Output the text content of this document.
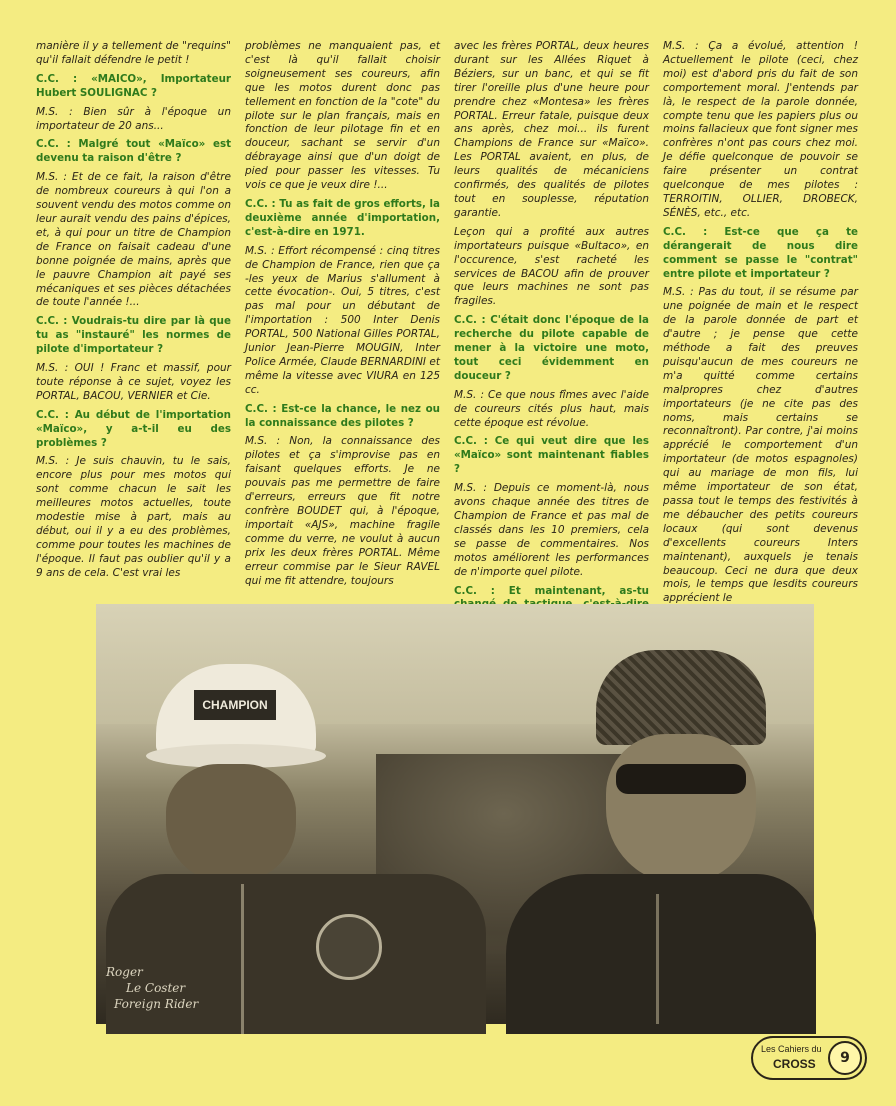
manière il y a tellement de "requins" qu'il fallait défendre le petit !

C.C. : «MAICO», Importateur Hubert SOULIGNAC ?

M.S. : Bien sûr à l'époque un importateur de 20 ans...

C.C. : Malgré tout «Maïco» est devenu ta raison d'être ?

M.S. : Et de ce fait, la raison d'être de nombreux coureurs à qui l'on a souvent vendu des motos comme on leur aurait vendu des pains d'épices, et, à qui pour un titre de Champion de France on faisait cadeau d'une bonne poignée de mains, après que le pauvre Champion ait payé ses mécaniques et ses pièces détachées de toute l'année !...

C.C. : Voudrais-tu dire par là que tu as "instauré" les normes de pilote d'importateur ?

M.S. : OUI ! Franc et massif, pour toute réponse à ce sujet, voyez les PORTAL, BACOU, VERNIER et Cie.

C.C. : Au début de l'importation «Maïco», y a-t-il eu des problèmes ?

M.S. : Je suis chauvin, tu le sais, encore plus pour mes motos qui sont comme chacun le sait les meilleures motos actuelles, toute modestie mise à part, mais au début, oui il y a eu des problèmes, comme pour toutes les machines de l'époque. Il faut pas oublier qu'il y a 9 ans de cela. C'est vrai les

problèmes ne manquaient pas, et c'est là qu'il fallait choisir soigneusement ses coureurs, afin que les motos durent donc pas tellement en fonction de la "cote" du pilote sur le plan français, mais en fonction de leur pilotage fin et en douceur, sachant se servir d'un débrayage ainsi que d'un doigt de pied pour passer les vitesses. Tu vois ce que je veux dire !...

C.C. : Tu as fait de gros efforts, la deuxième année d'importation, c'est-à-dire en 1971.

M.S. : Effort récompensé : cinq titres de Champion de France, rien que ça -les yeux de Marius s'allument à cette évocation-. Oui, 5 titres, c'est pas mal pour un débutant de l'importation : 500 Inter Denis PORTAL, 500 National Gilles PORTAL, Junior Jean-Pierre MOUGIN, Inter Police Armée, Claude BERNARDINI et même la vitesse avec VIURA en 125 cc.

C.C. : Est-ce la chance, le nez ou la connaissance des pilotes ?

M.S. : Non, la connaissance des pilotes et ça s'improvise pas en faisant quelques efforts. Je ne pouvais pas me permettre de faire d'erreurs, erreurs que fit notre confrère BOUDET qui, à l'époque, importait «AJS», machine fragile comme du verre, ne voulut à aucun prix les deux frères PORTAL. Même erreur commise par le Sieur RAVEL qui me fit attendre, toujours

avec les frères PORTAL, deux heures durant sur les Allées Riquet à Béziers, sur un banc, et qui se fit tirer l'oreille plus d'une heure pour prendre chez «Montesa» les frères PORTAL. Erreur fatale, puisque deux ans après, chez moi... ils furent Champions de France sur «Maïco». Les PORTAL avaient, en plus, de leurs qualités de mécaniciens confirmés, des qualités de pilotes tout en souplesse, réputation garantie.

Leçon qui a profité aux autres importateurs puisque «Bultaco», en l'occurence, s'est racheté les services de BACOU afin de prouver que leurs machines ne sont pas fragiles.

C.C. : C'était donc l'époque de la recherche du pilote capable de mener à la victoire une moto, tout ceci évidemment en douceur ?

M.S. : Ce que nous fîmes avec l'aide de coureurs cités plus haut, mais cette époque est révolue.

C.C. : Ce qui veut dire que les «Maïco» sont maintenant fiables ?

M.S. : Depuis ce moment-là, nous avons chaque année des titres de Champion de France et pas mal de classés dans les 10 premiers, cela se passe de commentaires. Nos motos améliorent les performances de n'importe quel pilote.

C.C. : Et maintenant, as-tu

M.S. : Ça a évolué, attention ! Actuellement le pilote (ceci, chez moi) est d'abord pris du fait de son comportement moral. J'entends par là, le respect de la parole donnée, compte tenu que les papiers plus ou moins fallacieux que font signer mes confrères n'ont pas cours chez moi. Je défie quelconque de pouvoir se faire présenter un contrat quelconque de mes pilotes : TERROITIN, OLLIER, DROBECK, SÉNÈS, etc., etc.

C.C. : Est-ce que ça te dérangerait de nous dire comment se passe le "contrat" entre pilote et importateur ?

M.S. : Pas du tout, il se résume par une poignée de main et le respect de la parole donnée de part et d'autre ; je pense que cette méthode a fait des preuves puisqu'aucun de mes coureurs ne m'a quitté comme certains malpropres chez d'autres importateurs (je ne cite pas des noms, mais certains se reconnaîtront). Par contre, j'ai moins apprécié le comportement d'un importateur (de motos espagnoles) qui au mariage de mon fils, lui même importateur de son état, passa tout le temps des festivités à me débaucher des petits coureurs locaux (qui sont devenus d'excellents coureurs Inters maintenant), auxquels je tenais beaucoup. Ceci ne dura que deux mois, le temps que lesdits coureurs apprécient le

CHAMPION
Roger
Le Coster
Foreign Rider
Les Cahiers du
CROSS	9
